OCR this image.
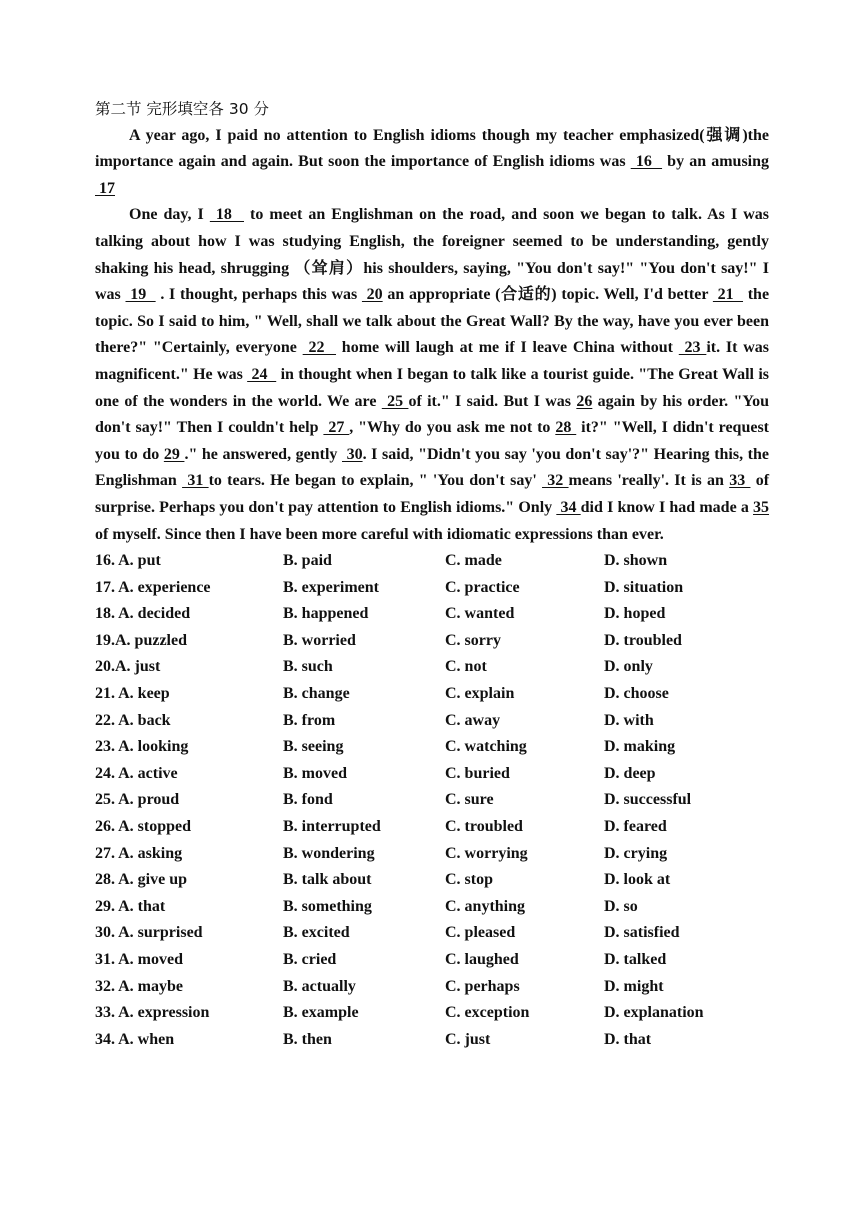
第二节 完形填空各 30 分

A year ago, I paid no attention to English idioms though my teacher emphasized(强调)the importance again and again. But soon the importance of English idioms was  16   by an amusing  17

One day, I  18   to meet an Englishman on the road, and soon we began to talk. As I was talking about how I was studying English, the foreigner seemed to be understanding, gently shaking his head, shrugging （耸肩）his shoulders, saying, "You don't say!" "You don't say!" I was  19   . I thought, perhaps this was  20 an appropriate (合适的) topic. Well, I'd better  21   the topic. So I said to him, " Well, shall we talk about the Great Wall? By the way, have you ever been there?" "Certainly, everyone  22   home will laugh at me if I leave China without  23 it. It was magnificent." He was  24   in thought when I began to talk like a tourist guide. "The Great Wall is one of the wonders in the world. We are  25 of it." I said. But I was 26 again by his order. "You don't say!" Then I couldn't help  27 , "Why do you ask me not to 28  it?" "Well, I didn't request you to do 29 ." he answered, gently  30. I said, "Didn't you say 'you don't say'?" Hearing this, the Englishman  31 to tears. He began to explain, " 'You don't say'  32 means 'really'. It is an 33  of surprise. Perhaps you don't pay attention to English idioms." Only  34 did I know I had made a 35 of myself. Since then I have been more careful with idiomatic expressions than ever.

16. A. put	B. paid	C. made	D. shown
17. A. experience	B. experiment	C. practice	D. situation
18. A. decided	B. happened	C. wanted	D. hoped
19.A. puzzled	B. worried	C. sorry	D. troubled
20.A. just	B. such	C. not	D. only
21. A. keep	B. change	C. explain	D. choose
22. A. back	B. from	C. away	D. with
23. A. looking	B. seeing	C. watching	D. making
24. A. active	B. moved	C. buried	D. deep
25. A. proud	B. fond	C. sure	D. successful
26. A. stopped	B. interrupted	C. troubled	D. feared
27. A. asking	B. wondering	C. worrying	D. crying
28. A. give up	B. talk about	C. stop	D. look at
29. A. that	B. something	C. anything	D. so
30. A. surprised	B. excited	C. pleased	D. satisfied
31. A. moved	B. cried	C. laughed	D. talked
32. A. maybe	B. actually	C. perhaps	D. might
33. A. expression	B. example	C. exception	D. explanation
34. A. when	B. then	C. just	D. that
